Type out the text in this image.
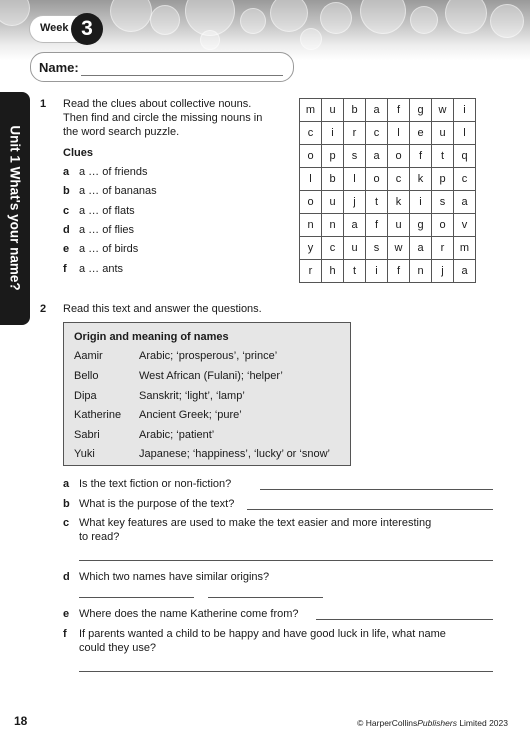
Week 3
Name:
Unit 1 What's your name?
1 Read the clues about collective nouns.
Then find and circle the missing nouns in
the word search puzzle.
Clues
a a … of friends
b a … of bananas
c a … of flats
d a … of flies
e a … of birds
f a … ants
m	u	b	a	f	g	w	i
c	i	r	c	l	e	u	l
o	p	s	a	o	f	t	q
l	b	l	o	c	k	p	c
o	u	j	t	k	i	s	a
n	n	a	f	u	g	o	v
y	c	u	s	w	a	r	m
r	h	t	i	f	n	j	a
2 Read this text and answer the questions.
Origin and meaning of names
Aamir	Arabic; ‘prosperous’, ‘prince’
Bello	West African (Fulani); ‘helper’
Dipa	Sanskrit; ‘light’, ‘lamp’
Katherine Ancient Greek; ‘pure’
Sabri	Arabic; ‘patient’
Yuki	Japanese; ‘happiness’, ‘lucky’ or ‘snow’
a Is the text fiction or non-fiction?
b What is the purpose of the text?
c What key features are used to make the text easier and more interesting
to read?
d Which two names have similar origins?
e Where does the name Katherine come from?
f If parents wanted a child to be happy and have good luck in life, what name
could they use?
18	© HarperCollinsPublishers Limited 2023
